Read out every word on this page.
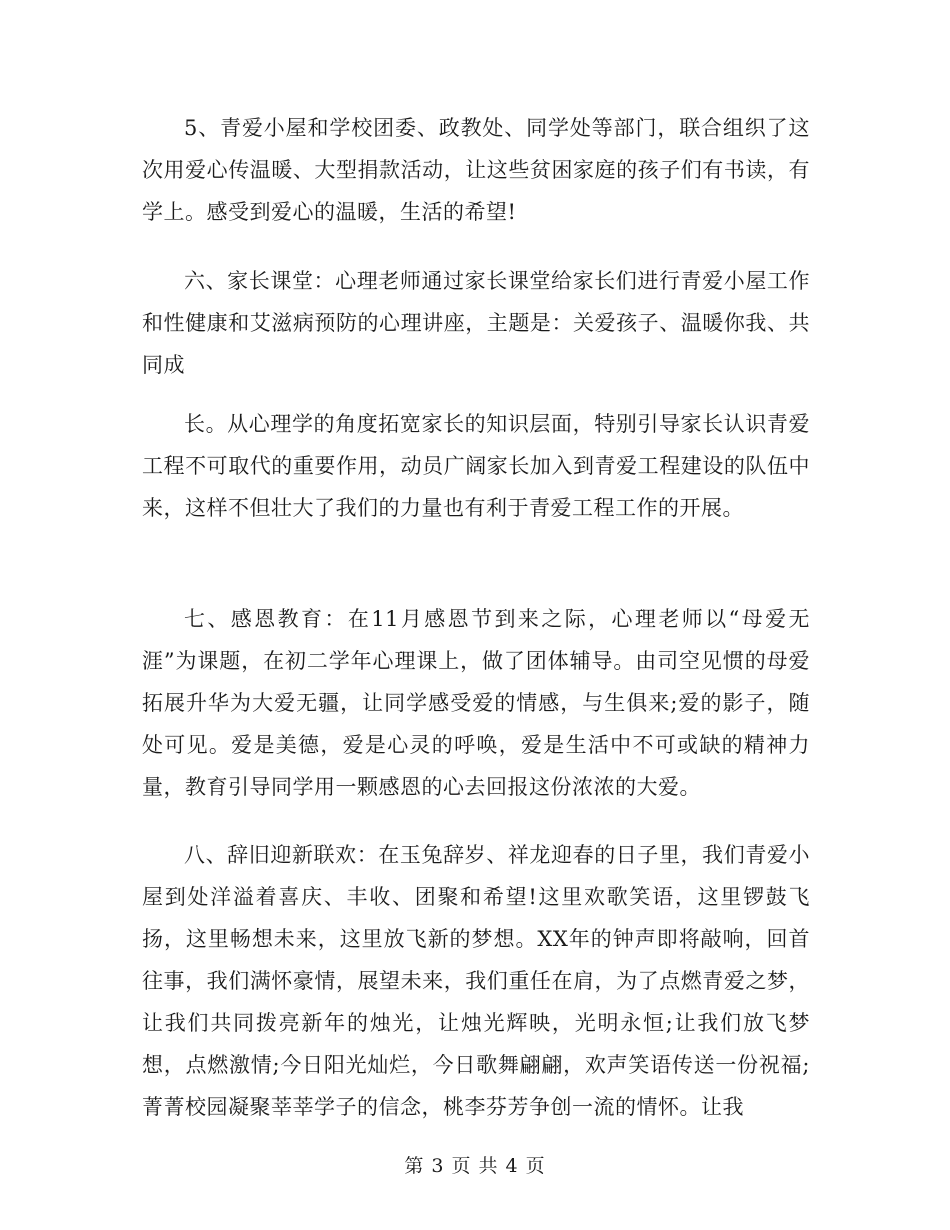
5、青爱小屋和学校团委、政教处、同学处等部门，联合组织了这次用爱心传温暖、大型捐款活动，让这些贫困家庭的孩子们有书读，有学上。感受到爱心的温暖，生活的希望!

六、家长课堂：心理老师通过家长课堂给家长们进行青爱小屋工作和性健康和艾滋病预防的心理讲座，主题是：关爱孩子、温暖你我、共同成

长。从心理学的角度拓宽家长的知识层面，特别引导家长认识青爱工程不可取代的重要作用，动员广阔家长加入到青爱工程建设的队伍中来，这样不但壮大了我们的力量也有利于青爱工程工作的开展。

七、感恩教育：在11月感恩节到来之际，心理老师以“母爱无涯”为课题，在初二学年心理课上，做了团体辅导。由司空见惯的母爱拓展升华为大爱无疆，让同学感受爱的情感，与生俱来;爱的影子，随处可见。爱是美德，爱是心灵的呼唤，爱是生活中不可或缺的精神力量，教育引导同学用一颗感恩的心去回报这份浓浓的大爱。

八、辞旧迎新联欢：在玉兔辞岁、祥龙迎春的日子里，我们青爱小屋到处洋溢着喜庆、丰收、团聚和希望!这里欢歌笑语，这里锣鼓飞扬，这里畅想未来，这里放飞新的梦想。XX年的钟声即将敲响，回首往事，我们满怀豪情，展望未来，我们重任在肩，为了点燃青爱之梦，让我们共同拨亮新年的烛光，让烛光辉映，光明永恒;让我们放飞梦想，点燃激情;今日阳光灿烂，今日歌舞翩翩，欢声笑语传送一份祝福;菁菁校园凝聚莘莘学子的信念，桃李芬芳争创一流的情怀。让我

第 3 页 共 4 页
